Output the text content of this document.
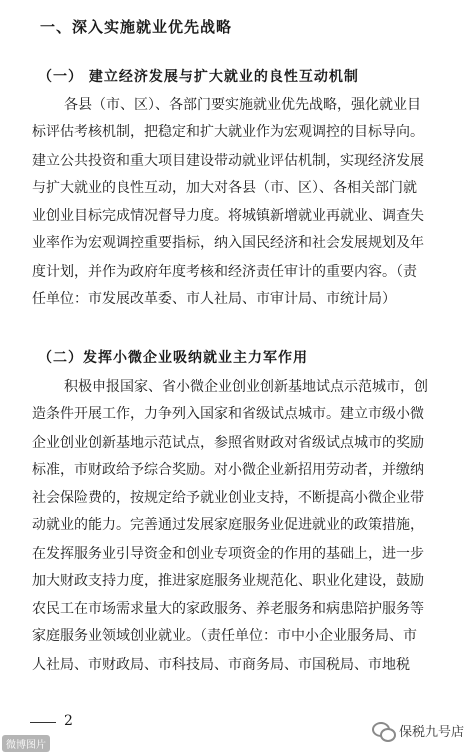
一、深入实施就业优先战略
（一） 建立经济发展与扩大就业的良性互动机制
各县（市、区）、各部门要实施就业优先战略，强化就业目
标评估考核机制，把稳定和扩大就业作为宏观调控的目标导向。
建立公共投资和重大项目建设带动就业评估机制，实现经济发展
与扩大就业的良性互动，加大对各县（市、区）、各相关部门就
业创业目标完成情况督导力度。将城镇新增就业再就业、调查失
业率作为宏观调控重要指标，纳入国民经济和社会发展规划及年
度计划，并作为政府年度考核和经济责任审计的重要内容。（责
任单位：市发展改革委、市人社局、市审计局、市统计局）
（二）发挥小微企业吸纳就业主力军作用
积极申报国家、省小微企业创业创新基地试点示范城市，创
造条件开展工作，力争列入国家和省级试点城市。建立市级小微
企业创业创新基地示范试点，参照省财政对省级试点城市的奖励
标准，市财政给予综合奖励。对小微企业新招用劳动者，并缴纳
社会保险费的，按规定给予就业创业支持，不断提高小微企业带
动就业的能力。完善通过发展家庭服务业促进就业的政策措施，
在发挥服务业引导资金和创业专项资金的作用的基础上，进一步
加大财政支持力度，推进家庭服务业规范化、职业化建设，鼓励
农民工在市场需求量大的家政服务、养老服务和病患陪护服务等
家庭服务业领域创业就业。（责任单位：市中小企业服务局、市
人社局、市财政局、市科技局、市商务局、市国税局、市地税
2
微博图片
保税九号店
